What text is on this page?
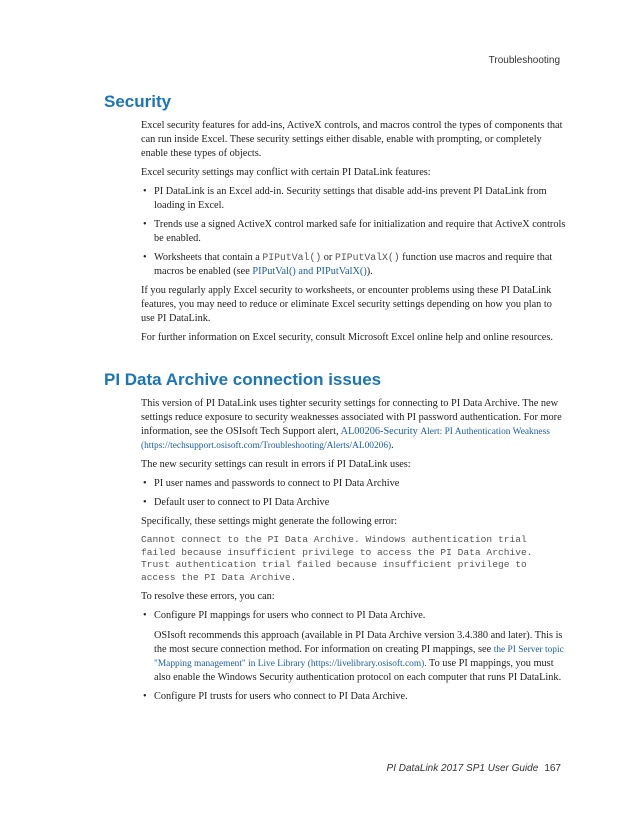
Troubleshooting
Security

Excel security features for add-ins, ActiveX controls, and macros control the types of components that can run inside Excel. These security settings either disable, enable with prompting, or completely enable these types of objects.

Excel security settings may conflict with certain PI DataLink features:

• PI DataLink is an Excel add-in. Security settings that disable add-ins prevent PI DataLink from loading in Excel.
• Trends use a signed ActiveX control marked safe for initialization and require that ActiveX controls be enabled.
• Worksheets that contain a PIPutVal() or PIPutValX() function use macros and require that macros be enabled (see PIPutVal() and PIPutValX()).

If you regularly apply Excel security to worksheets, or encounter problems using these PI DataLink features, you may need to reduce or eliminate Excel security settings depending on how you plan to use PI DataLink.

For further information on Excel security, consult Microsoft Excel online help and online resources.

PI Data Archive connection issues

This version of PI DataLink uses tighter security settings for connecting to PI Data Archive. The new settings reduce exposure to security weaknesses associated with PI password authentication. For more information, see the OSIsoft Tech Support alert, AL00206-Security Alert: PI Authentication Weakness (https://techsupport.osisoft.com/Troubleshooting/Alerts/AL00206).

The new security settings can result in errors if PI DataLink uses:

• PI user names and passwords to connect to PI Data Archive
• Default user to connect to PI Data Archive

Specifically, these settings might generate the following error:

Cannot connect to the PI Data Archive. Windows authentication trial failed because insufficient privilege to access the PI Data Archive. Trust authentication trial failed because insufficient privilege to access the PI Data Archive.

To resolve these errors, you can:

• Configure PI mappings for users who connect to PI Data Archive.
OSIsoft recommends this approach (available in PI Data Archive version 3.4.380 and later). This is the most secure connection method. For information on creating PI mappings, see the PI Server topic "Mapping management" in Live Library (https://livelibrary.osisoft.com). To use PI mappings, you must also enable the Windows Security authentication protocol on each computer that runs PI DataLink.
• Configure PI trusts for users who connect to PI Data Archive.
PI DataLink 2017 SP1 User Guide 167
